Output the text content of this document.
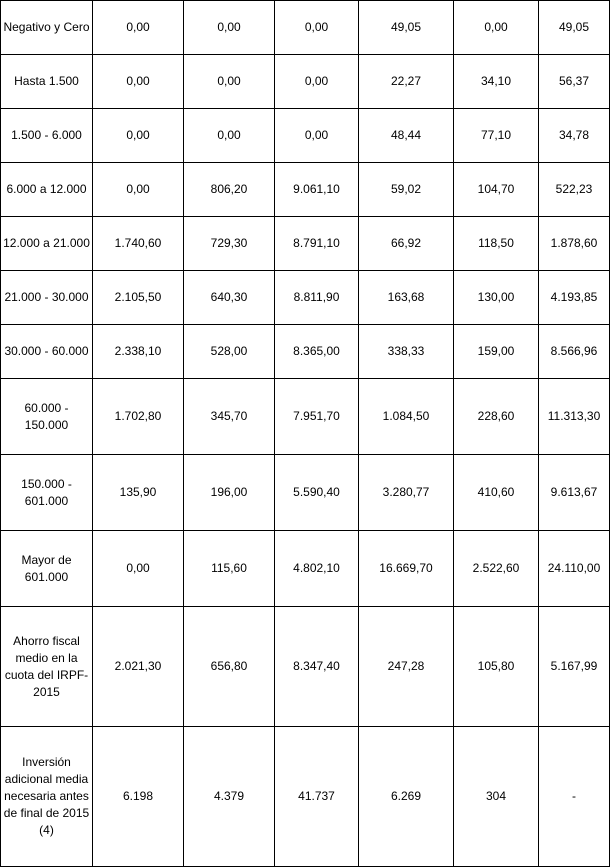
Negativo y Cero	0,00	0,00	0,00	49,05	0,00	49,05
Hasta 1.500	0,00	0,00	0,00	22,27	34,10	56,37
1.500 - 6.000	0,00	0,00	0,00	48,44	77,10	34,78
6.000 a 12.000	0,00	806,20	9.061,10	59,02	104,70	522,23
12.000 a 21.000	1.740,60	729,30	8.791,10	66,92	118,50	1.878,60
21.000 - 30.000	2.105,50	640,30	8.811,90	163,68	130,00	4.193,85
30.000 - 60.000	2.338,10	528,00	8.365,00	338,33	159,00	8.566,96
60.000 - 150.000	1.702,80	345,70	7.951,70	1.084,50	228,60	11.313,30
150.000 - 601.000	135,90	196,00	5.590,40	3.280,77	410,60	9.613,67
Mayor de 601.000	0,00	115,60	4.802,10	16.669,70	2.522,60	24.110,00
Ahorro fiscal medio en la cuota del IRPF-2015	2.021,30	656,80	8.347,40	247,28	105,80	5.167,99
Inversión adicional media necesaria antes de final de 2015 (4)	6.198	4.379	41.737	6.269	304	-
